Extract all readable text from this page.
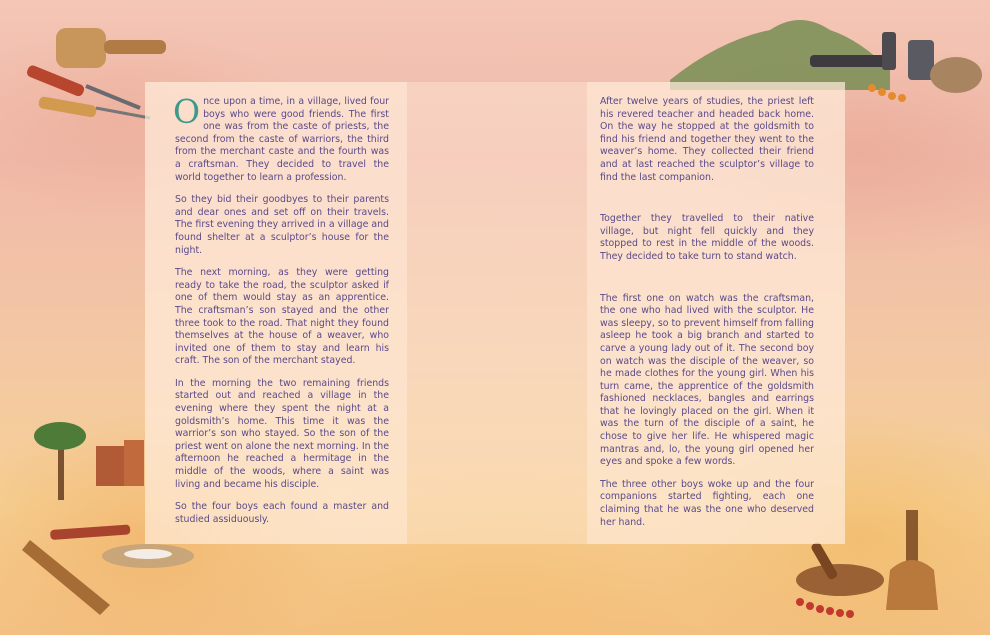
Once upon a time, in a village, lived four boys who were good friends. The first one was from the caste of priests, the second from the caste of warriors, the third from the merchant caste and the fourth was a craftsman. They decided to travel the world together to learn a profession.

So they bid their goodbyes to their parents and dear ones and set off on their travels. The first evening they arrived in a village and found shelter at a sculptor’s house for the night.

The next morning, as they were getting ready to take the road, the sculptor asked if one of them would stay as an apprentice. The craftsman’s son stayed and the other three took to the road. That night they found themselves at the house of a weaver, who invited one of them to stay and learn his craft. The son of the merchant stayed.

In the morning the two remaining friends started out and reached a village in the evening where they spent the night at a goldsmith’s home. This time it was the warrior’s son who stayed. So the son of the priest went on alone the next morning. In the afternoon he reached a hermitage in the middle of the woods, where a saint was living and became his disciple.

So the four boys each found a master and studied assiduously.

After twelve years of studies, the priest left his revered teacher and headed back home. On the way he stopped at the goldsmith to find his friend and together they went to the weaver’s home. They collected their friend and at last reached the sculptor’s village to find the last companion.

Together they travelled to their native village, but night fell quickly and they stopped to rest in the middle of the woods. They decided to take turn to stand watch.

The first one on watch was the craftsman, the one who had lived with the sculptor. He was sleepy, so to prevent himself from falling asleep he took a big branch and started to carve a young lady out of it. The second boy on watch was the disciple of the weaver, so he made clothes for the young girl. When his turn came, the apprentice of the goldsmith fashioned necklaces, bangles and earrings that he lovingly placed on the girl. When it was the turn of the disciple of a saint, he chose to give her life. He whispered magic mantras and, lo, the young girl opened her eyes and spoke a few words.

The three other boys woke up and the four companions started fighting, each one claiming that he was the one who deserved her hand.
